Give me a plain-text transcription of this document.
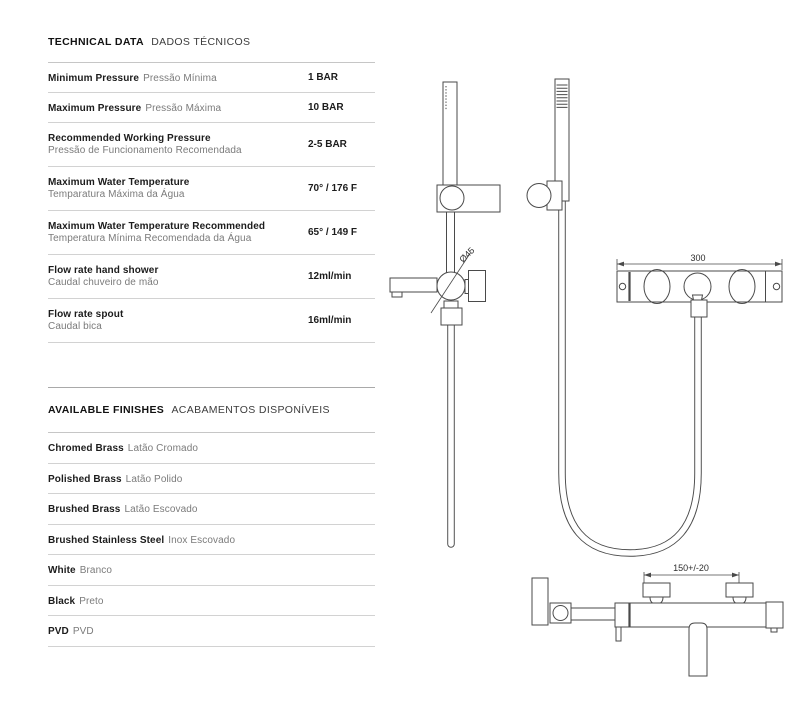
TECHNICAL DATA DADOS TÉCNICOS
Minimum Pressure Pressão Mínima	1 BAR
Maximum Pressure Pressão Máxima	10 BAR
Recommended Working Pressure
Pressão de Funcionamento Recomendada	2-5 BAR
Maximum Water Temperature
Temparatura Máxima da Água	70° / 176 F
Maximum Water Temperature Recommended
Temperatura Mínima Recomendada da Água	65° / 149 F
Flow rate hand shower
Caudal chuveiro de mão	12ml/min
Flow rate spout
Caudal bica	16ml/min
AVAILABLE FINISHES ACABAMENTOS DISPONÍVEIS
Chromed Brass Latão Cromado
Polished Brass Latão Polido
Brushed Brass Latão Escovado
Brushed Stainless Steel Inox Escovado
White Branco
Black Preto
PVD PVD
Ø45	300
150+/-20
